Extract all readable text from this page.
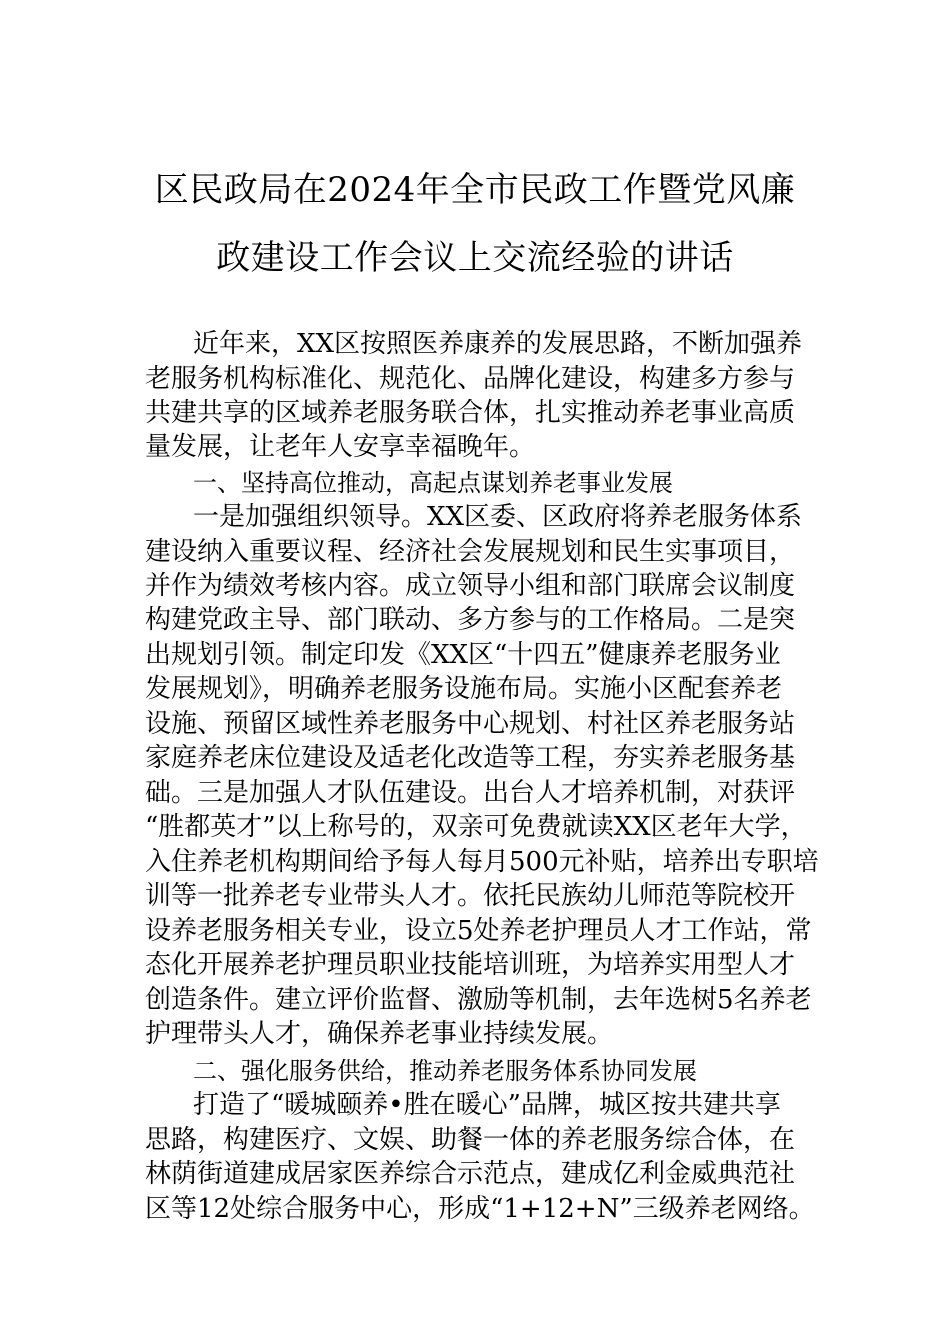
区民政局在2024年全市民政工作暨党风廉
政建设工作会议上交流经验的讲话
近年来，XX区按照医养康养的发展思路，不断加强养
老服务机构标准化、规范化、品牌化建设，构建多方参与
共建共享的区域养老服务联合体，扎实推动养老事业高质
量发展，让老年人安享幸福晚年。
一、坚持高位推动，高起点谋划养老事业发展
一是加强组织领导。XX区委、区政府将养老服务体系
建设纳入重要议程、经济社会发展规划和民生实事项目，
并作为绩效考核内容。成立领导小组和部门联席会议制度
构建党政主导、部门联动、多方参与的工作格局。二是突
出规划引领。制定印发《XX区“十四五”健康养老服务业
发展规划》，明确养老服务设施布局。实施小区配套养老
设施、预留区域性养老服务中心规划、村社区养老服务站
家庭养老床位建设及适老化改造等工程，夯实养老服务基
础。三是加强人才队伍建设。出台人才培养机制，对获评
“胜都英才”以上称号的，双亲可免费就读XX区老年大学，
入住养老机构期间给予每人每月500元补贴，培养出专职培
训等一批养老专业带头人才。依托民族幼儿师范等院校开
设养老服务相关专业，设立5处养老护理员人才工作站，常
态化开展养老护理员职业技能培训班，为培养实用型人才
创造条件。建立评价监督、激励等机制，去年选树5名养老
护理带头人才，确保养老事业持续发展。
二、强化服务供给，推动养老服务体系协同发展
打造了“暖城颐养•胜在暖心”品牌，城区按共建共享
思路，构建医疗、文娱、助餐一体的养老服务综合体，在
林荫街道建成居家医养综合示范点，建成亿利金威典范社
区等12处综合服务中心，形成“1+12+N”三级养老网络。
